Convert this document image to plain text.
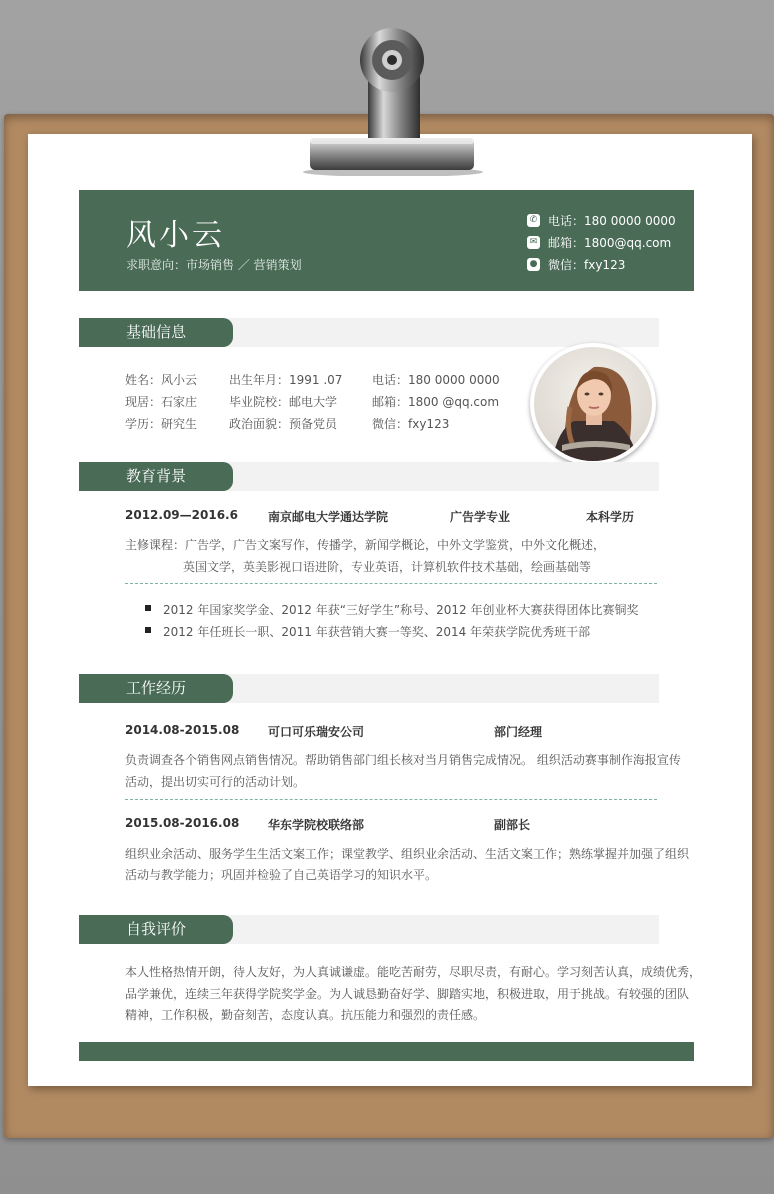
风小云
求职意向：市场销售 ／ 营销策划
✆ 电话：180 0000 0000
✉ 邮箱：1800@qq.com
● 微信：fxy123
基础信息
姓名：风小云	出生年月：1991 .07 电话：180 0000 0000
现居：石家庄	毕业院校：邮电大学	邮箱：1800 @qq.com
学历：研究生	政治面貌：预备党员	微信：fxy123
教育背景
2012.09—2016.6	南京邮电大学通达学院	广告学专业	本科学历
主修课程：广告学，广告文案写作，传播学，新闻学概论，中外文学鉴赏，中外文化概述，
英国文学，英美影视口语进阶，专业英语，计算机软件技术基础，绘画基础等
2012 年国家奖学金、2012 年获“三好学生”称号、2012 年创业杯大赛获得团体比赛铜奖
2012 年任班长一职、2011 年获营销大赛一等奖、2014 年荣获学院优秀班干部
工作经历
2014.08-2015.08 可口可乐瑞安公司	部门经理
负责调查各个销售网点销售情况。帮助销售部门组长核对当月销售完成情况。 组织活动赛事制作海报宣传
活动，提出切实可行的活动计划。
2015.08-2016.08 华东学院校联络部	副部长
组织业余活动、服务学生生活文案工作；课堂教学、组织业余活动、生活文案工作；熟练掌握并加强了组织
活动与教学能力；巩固并检验了自己英语学习的知识水平。
自我评价
本人性格热情开朗，待人友好，为人真诚谦虚。能吃苦耐劳，尽职尽责，有耐心。学习刻苦认真，成绩优秀，
品学兼优，连续三年获得学院奖学金。为人诚恳勤奋好学、脚踏实地，积极进取，用于挑战。有较强的团队
精神，工作积极，勤奋刻苦，态度认真。抗压能力和强烈的责任感。
